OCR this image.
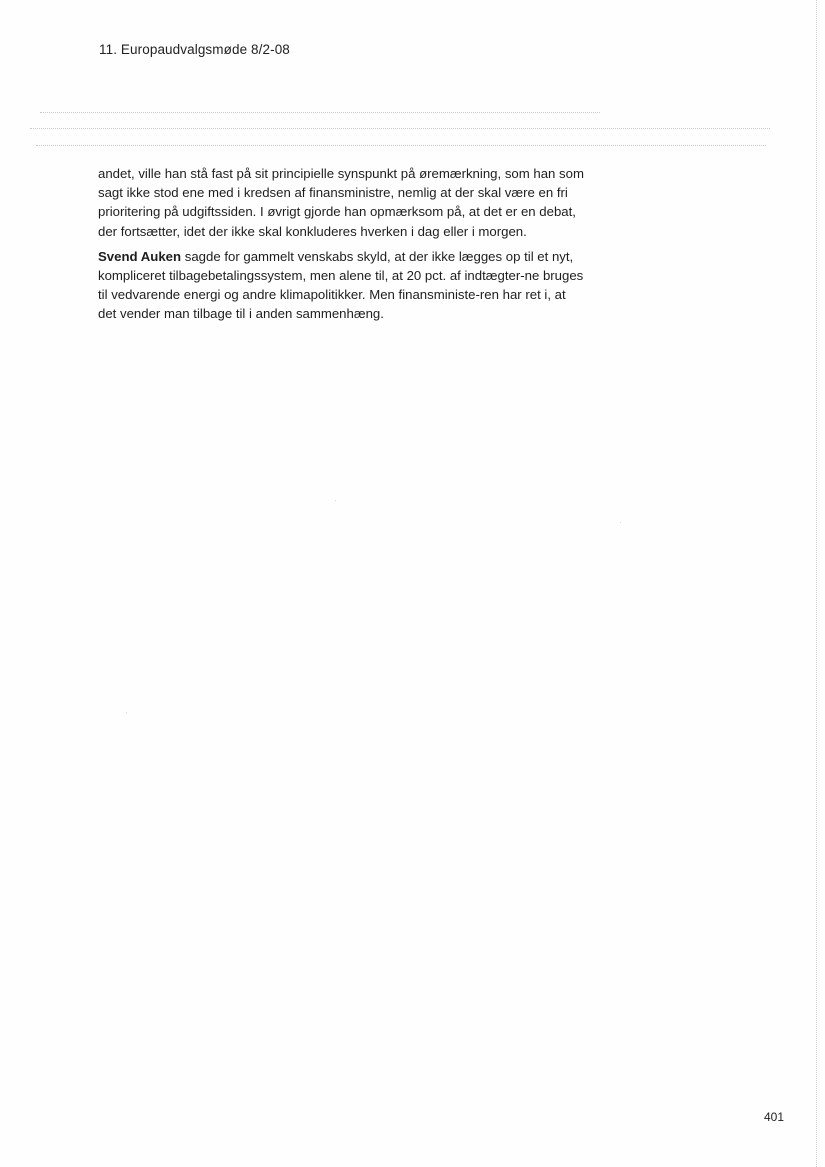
11. Europaudvalgsmøde 8/2-08

andet, ville han stå fast på sit principielle synspunkt på øremærkning, som han som sagt ikke stod ene med i kredsen af finansministre, nemlig at der skal være en fri prioritering på udgiftssiden. I øvrigt gjorde han opmærksom på, at det er en debat, der fortsætter, idet der ikke skal konkluderes hverken i dag eller i morgen.

Svend Auken sagde for gammelt venskabs skyld, at der ikke lægges op til et nyt, kompliceret tilbagebetalingssystem, men alene til, at 20 pct. af indtægter-ne bruges til vedvarende energi og andre klimapolitikker. Men finansministe-ren har ret i, at det vender man tilbage til i anden sammenhæng.

401
